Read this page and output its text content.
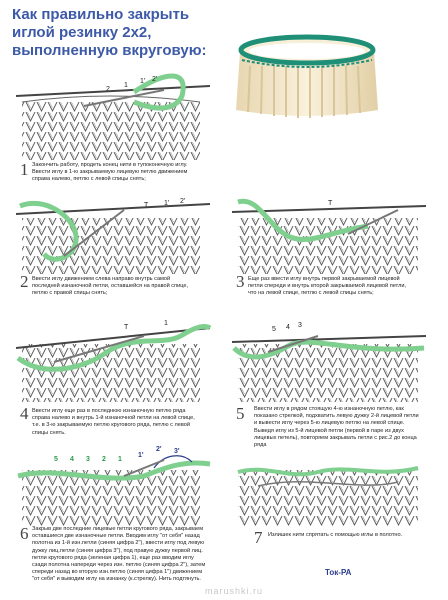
Как правильно закрыть иглой резинку 2х2, выполненную вкруговую:
2
1
1' 2'
1 Закончить работу, продеть конец нити в тупоконечную иглу. Ввести иглу в 1-ю закрываемую лицевую петлю движением справа налево, петлю с левой спицы снять;
T 1' 2'
2 Ввести иглу движением слева направо внутрь самой последней изнаночной петли, оставшейся на правой спице, петлю с правой спицы снять;
T
3 Еще раз ввести иглу внутрь первой закрываемой лицевой петли спереди и внутрь второй закрываемой лицевой петли, что на левой спице, петлю с левой спицы снять;
T
1
4 Ввести иглу еще раз в последнюю изнаночную петлю ряда справа налево и внутрь 1-й изнаночной петли на левой спице, т.е. в 3-ю закрываемую петлю кругового ряда, петлю с левой спицы снять.
5 4 3
5 Ввести иглу в рядом стоящую 4-ю изнаночную петлю, как показано стрелкой, подхватить левую дужку 2-й лицевой петли и вывести иглу через 5-ю лицевую петлю на левой спице. Выведя иглу из 5-й лицевой петли (первой в паре из двух лицевых петель), повторяем закрывать петли с рис.2 до конца ряда
5 4 3 2 1
1'
2' 3'
6 Закрыв две последние лицевые петли кругового ряда, закрываем оставшиеся две изнаночные петли. Вводим иглу "от себя" назад полотна из 1-й изн.петли (синяя цифра 2"), ввести иглу под левую дужку лиц.петли (синяя цифра 3"), под правую дужку первой лиц. петли кругового ряда (зеленая цифра 1), еще раз вводим иглу сзади полотна напереди через изн. петлю (синяя цифра 2"), затем спереди назад во вторую изн.петлю (синяя цифра 1") движением "от себя" и выводим иглу на изнанку (к.стрелку). Нить подтянуть.
7 Излишек нити спрятать с помощью иглы в полотно.
Ток-РА
marushki.ru
